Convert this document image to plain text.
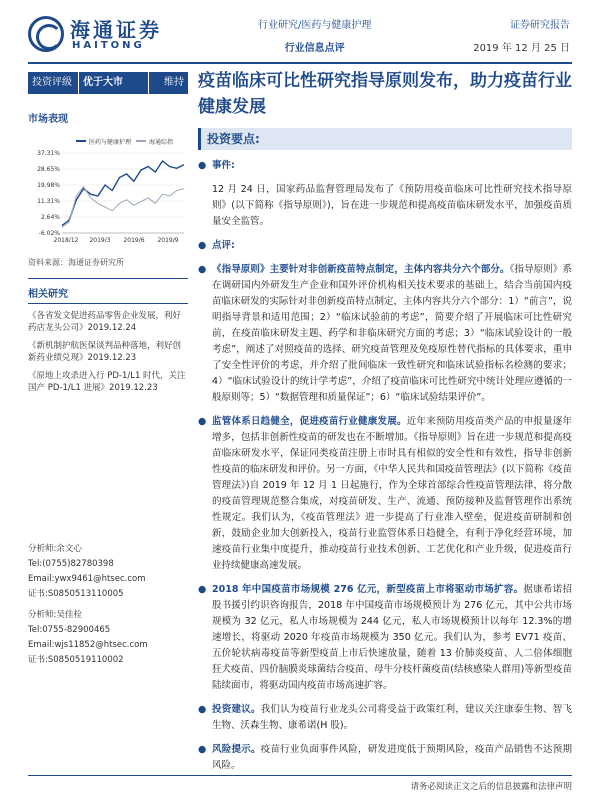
海通证券
HAITONG
行业研究/医药与健康护理
行业信息点评
证券研究报告
2019 年 12 月 25 日
投资评级	优于大市	维持
市场表现
医药与健康护理	海通综指
37.31%
28.65%
19.98%
11.31%
2.64%
-6.02%
2018/12 2019/3 2019/6 2019/9
资料来源：海通证券研究所
相关研究
《各省发文促进药品零售企业发展，利好药店龙头公司》2019.12.24
《新机制护航医保谈判品种落地，利好创新药业绩兑现》2019.12.23
《原地上攻杀进入行 PD-1/L1 时代，关注国产 PD-1/L1 进展》2019.12.23
分析师:余文心
Tel:(0755)82780398
Email:ywx9461@htsec.com
证书:S0850513110005
分析师:吴佳栓
Tel:0755-82900465
Email:wjs11852@htsec.com
证书:S0850519110002
疫苗临床可比性研究指导原则发布，助力疫苗行业健康发展
投资要点:
● 事件:
12 月 24 日，国家药品监督管理局发布了《预防用疫苗临床可比性研究技术指导原则》(以下简称《指导原则》)，旨在进一步规范和提高疫苗临床研发水平，加强疫苗质量安全监管。
● 点评:
● 《指导原则》主要针对非创新疫苗特点制定，主体内容共分六个部分。《指导原则》系在调研国内外研发生产企业和国外评价机构相关技术要求的基础上，结合当前国内疫苗临床研发的实际针对非创新疫苗特点制定，主体内容共分六个部分：1）“前言”，说明指导背景和适用范围；2）“临床试验前的考虑”，简要介绍了开展临床可比性研究前，在疫苗临床研发主题、药学和非临床研究方面的考虑；3）“临床试验设计的一般考虑”，阐述了对照疫苗的选择、研究疫苗管理及免疫原性替代指标的具体要求，重申了安全性评价的考虑，并介绍了批间临床一致性研究和临床试验指标名检测的要求；4）“临床试验设计的统计学考虑”，介绍了疫苗临床可比性研究中统计处理应遵循的一般原则等；5）“数据管理和质量保证”；6）“临床试验结果评价”。
● 监管体系日趋健全，促进疫苗行业健康发展。近年来预防用疫苗类产品的申报量逐年增多，包括非创新性疫苗的研发也在不断增加。《指导原则》旨在进一步规范和提高疫苗临床研发水平，保证同类疫苗注册上市时具有相似的安全性和有效性，指导非创新性疫苗的临床研发和评价。另一方面，《中华人民共和国疫苗管理法》(以下简称《疫苗管理法》)自 2019 年 12 月 1 日起施行，作为全球首部综合性疫苗管理法律，将分散的疫苗管理规范整合集成，对疫苗研发、生产、流通、预防接种及监督管理作出系统性规定。我们认为，《疫苗管理法》进一步提高了行业准入壁垒，促进疫苗研制和创新，鼓励企业加大创新投入，疫苗行业监管体系日趋健全，有利于净化经营环境，加速疫苗行业集中度提升，推动疫苗行业技术创新、工艺优化和产业升级，促进疫苗行业持续健康高速发展。
● 2018 年中国疫苗市场规模 276 亿元，新型疫苗上市将驱动市场扩容。据康希诺招股书援引约识咨询报告，2018 年中国疫苗市场规模预计为 276 亿元，其中公共市场规模为 32 亿元，私人市场规模为 244 亿元，私人市场规模预计以每年 12.3%的增速增长，将驱动 2020 年疫苗市场规模为 350 亿元。我们认为，参考 EV71 疫苗、五价轮状病毒疫苗等新型疫苗上市后快速放量，随着 13 价肺炎疫苗、人二倍体细胞狂犬疫苗、四价脑膜炎球菌结合疫苗、母牛分枝杆菌疫苗(结核感染人群用)等新型疫苗陆续面市，将驱动国内疫苗市场高速扩容。
● 投资建议。我们认为疫苗行业龙头公司将受益于政策红利，建议关注康泰生物、智飞生物、沃森生物、康希诺(H 股)。
● 风险提示。疫苗行业负面事件风险，研发进度低于预期风险，疫苗产品销售不达预期风险。
请务必阅读正文之后的信息披露和法律声明
